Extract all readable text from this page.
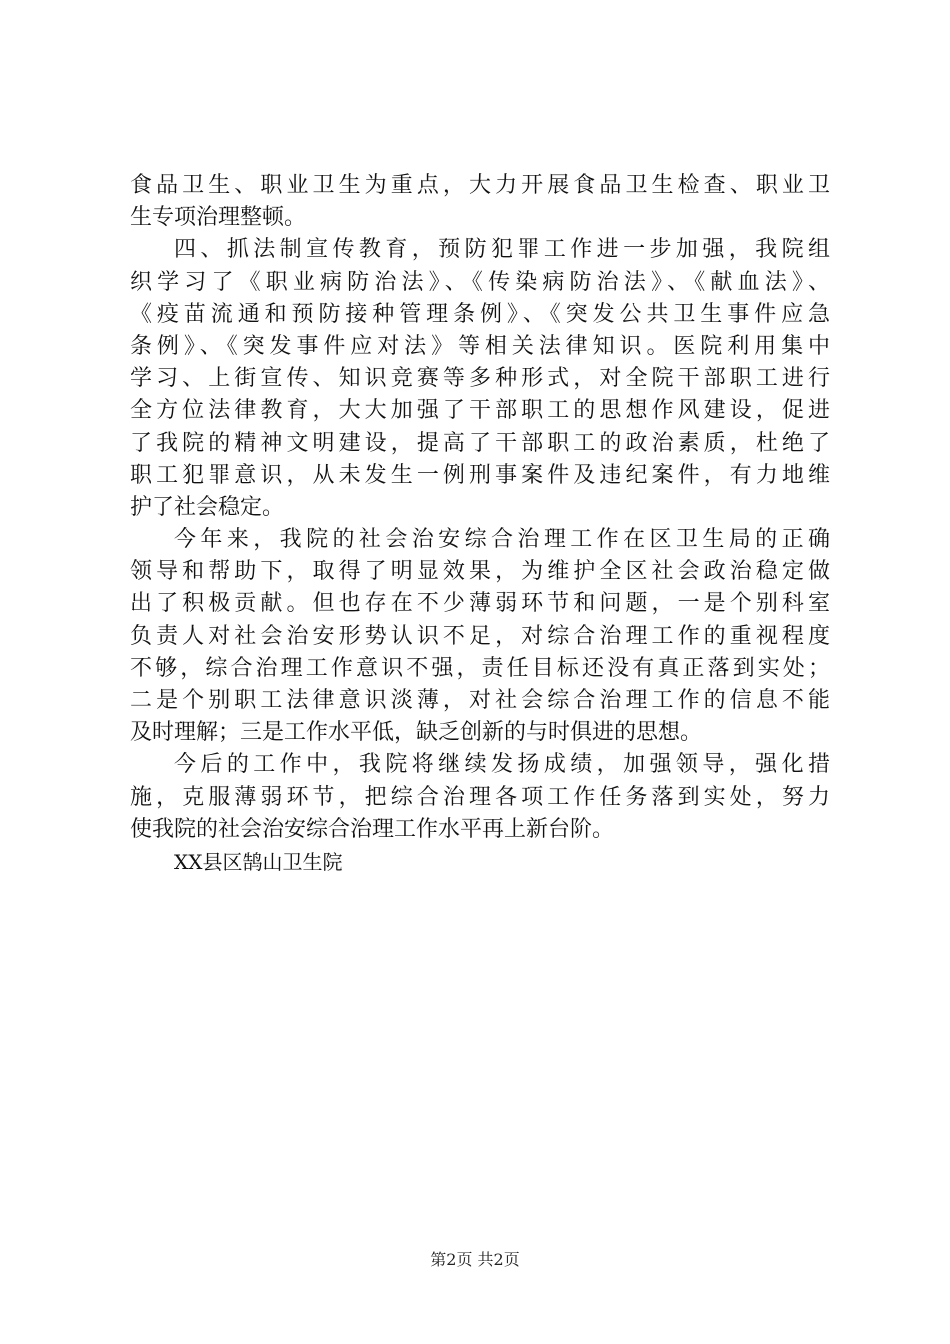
食品卫生、职业卫生为重点，大力开展食品卫生检查、职业卫
生专项治理整顿。
四、抓法制宣传教育，预防犯罪工作进一步加强，我院组
织学习了《职业病防治法》、《传染病防治法》、《献血法》、
《疫苗流通和预防接种管理条例》、《突发公共卫生事件应急
条例》、《突发事件应对法》等相关法律知识。医院利用集中
学习、上街宣传、知识竞赛等多种形式，对全院干部职工进行
全方位法律教育，大大加强了干部职工的思想作风建设，促进
了我院的精神文明建设，提高了干部职工的政治素质，杜绝了
职工犯罪意识，从未发生一例刑事案件及违纪案件，有力地维
护了社会稳定。
今年来，我院的社会治安综合治理工作在区卫生局的正确
领导和帮助下，取得了明显效果，为维护全区社会政治稳定做
出了积极贡献。但也存在不少薄弱环节和问题，一是个别科室
负责人对社会治安形势认识不足，对综合治理工作的重视程度
不够，综合治理工作意识不强，责任目标还没有真正落到实处；
二是个别职工法律意识淡薄，对社会综合治理工作的信息不能
及时理解；三是工作水平低，缺乏创新的与时俱进的思想。
今后的工作中，我院将继续发扬成绩，加强领导，强化措
施，克服薄弱环节，把综合治理各项工作任务落到实处，努力
使我院的社会治安综合治理工作水平再上新台阶。
XX县区鹄山卫生院
第2页 共2页
